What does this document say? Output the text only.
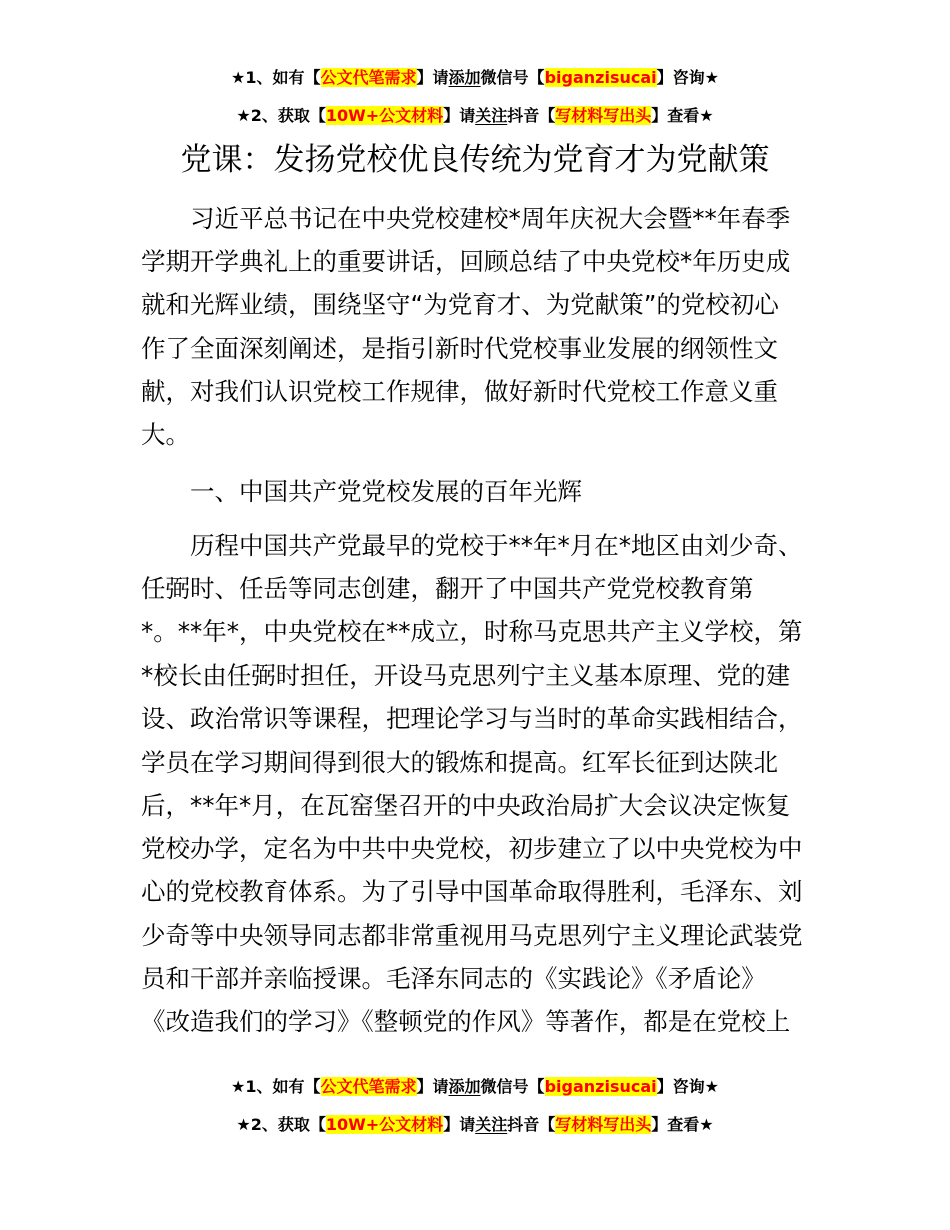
★1、如有【公文代笔需求】请添加微信号【biganzisucai】咨询★
★2、获取【10W+公文材料】请关注抖音【写材料写出头】查看★
党课：发扬党校优良传统为党育才为党献策
习近平总书记在中央党校建校*周年庆祝大会暨**年春季
学期开学典礼上的重要讲话，回顾总结了中央党校*年历史成
就和光辉业绩，围绕坚守“为党育才、为党献策”的党校初心
作了全面深刻阐述，是指引新时代党校事业发展的纲领性文
献，对我们认识党校工作规律，做好新时代党校工作意义重
大。
一、中国共产党党校发展的百年光辉
历程中国共产党最早的党校于**年*月在*地区由刘少奇、
任弼时、任岳等同志创建，翻开了中国共产党党校教育第
*。**年*，中央党校在**成立，时称马克思共产主义学校，第
*校长由任弼时担任，开设马克思列宁主义基本原理、党的建
设、政治常识等课程，把理论学习与当时的革命实践相结合，
学员在学习期间得到很大的锻炼和提高。红军长征到达陕北
后，**年*月，在瓦窑堡召开的中央政治局扩大会议决定恢复
党校办学，定名为中共中央党校，初步建立了以中央党校为中
心的党校教育体系。为了引导中国革命取得胜利，毛泽东、刘
少奇等中央领导同志都非常重视用马克思列宁主义理论武装党
员和干部并亲临授课。毛泽东同志的《实践论》《矛盾论》
《改造我们的学习》《整顿党的作风》等著作，都是在党校上
★1、如有【公文代笔需求】请添加微信号【biganzisucai】咨询★
★2、获取【10W+公文材料】请关注抖音【写材料写出头】查看★
